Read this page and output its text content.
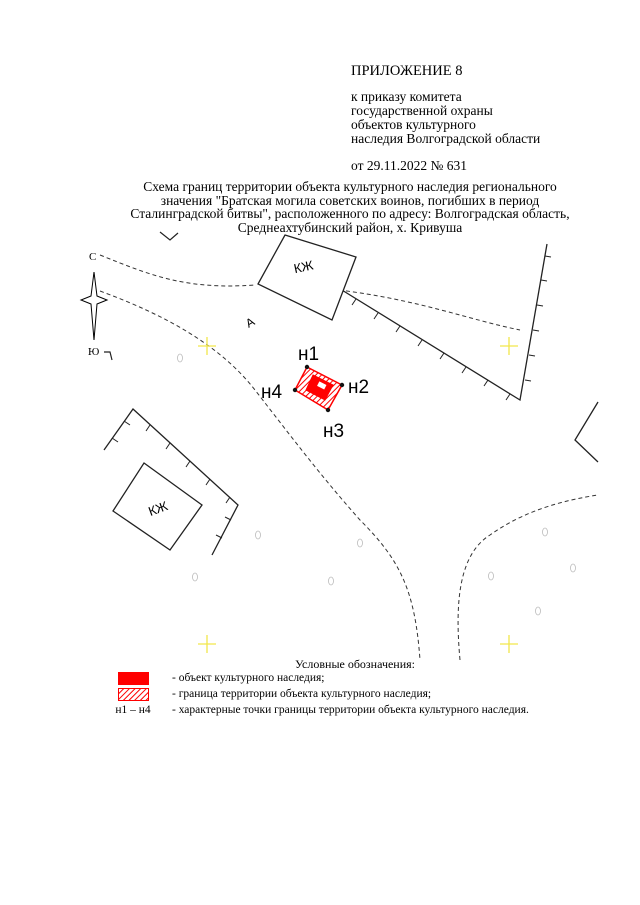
ПРИЛОЖЕНИЕ 8
к приказу комитета
государственной охраны
объектов культурного
наследия Волгоградской области
от 29.11.2022 № 631
Схема границ территории объекта культурного наследия регионального
значения "Братская могила советских воинов, погибших в период
Сталинградской битвы", расположенного по адресу: Волгоградская область,
Среднеахтубинский район, х. Кривуша
С
Ю
КЖ
КЖ
А
н1
н2
н3
н4
Условные обозначения:
- объект культурного наследия;
- граница территории объекта культурного наследия;
н1 – н4	- характерные точки границы территории объекта культурного наследия.
